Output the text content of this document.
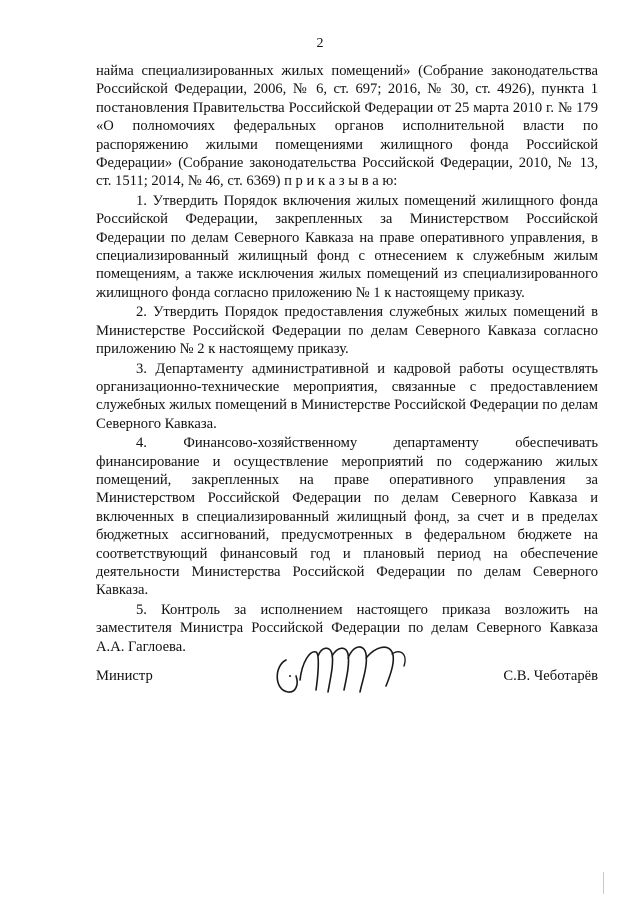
2

найма специализированных жилых помещений» (Собрание законодательства Российской Федерации, 2006, № 6, ст. 697; 2016, № 30, ст. 4926), пункта 1 постановления Правительства Российской Федерации от 25 марта 2010 г. № 179 «О полномочиях федеральных органов исполнительной власти по распоряжению жилыми помещениями жилищного фонда Российской Федерации» (Собрание законодательства Российской Федерации, 2010, № 13, ст. 1511; 2014, № 46, ст. 6369) п р и к а з ы в а ю:

1. Утвердить Порядок включения жилых помещений жилищного фонда Российской Федерации, закрепленных за Министерством Российской Федерации по делам Северного Кавказа на праве оперативного управления, в специализированный жилищный фонд с отнесением к служебным жилым помещениям, а также исключения жилых помещений из специализированного жилищного фонда согласно приложению № 1 к настоящему приказу.

2. Утвердить Порядок предоставления служебных жилых помещений в Министерстве Российской Федерации по делам Северного Кавказа согласно приложению № 2 к настоящему приказу.

3. Департаменту административной и кадровой работы осуществлять организационно-технические мероприятия, связанные с предоставлением служебных жилых помещений в Министерстве Российской Федерации по делам Северного Кавказа.

4. Финансово-хозяйственному департаменту обеспечивать финансирование и осуществление мероприятий по содержанию жилых помещений, закрепленных на праве оперативного управления за Министерством Российской Федерации по делам Северного Кавказа и включенных в специализированный жилищный фонд, за счет и в пределах бюджетных ассигнований, предусмотренных в федеральном бюджете на соответствующий финансовый год и плановый период на обеспечение деятельности Министерства Российской Федерации по делам Северного Кавказа.

5. Контроль за исполнением настоящего приказа возложить на заместителя Министра Российской Федерации по делам Северного Кавказа А.А. Гаглоева.

Министр	С.В. Чеботарёв
